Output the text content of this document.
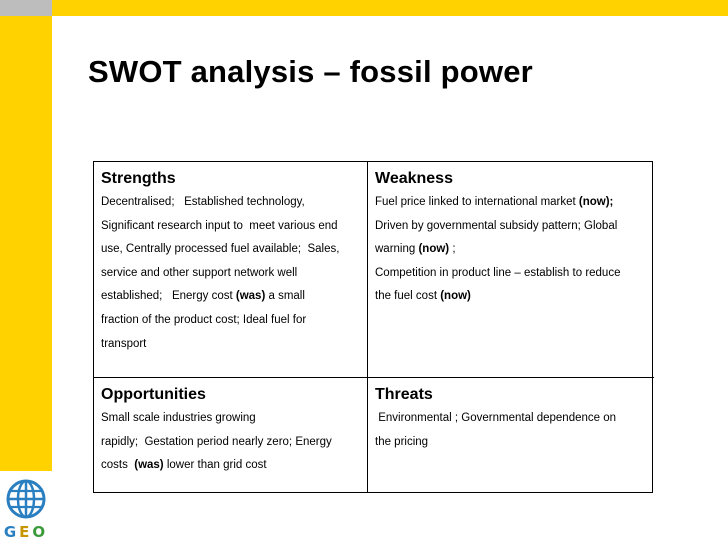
SWOT analysis – fossil power
Strengths
Decentralised;   Established technology,
Significant research input to  meet various end
use, Centrally processed fuel available;  Sales,
service and other support network well
established;   Energy cost (was) a small
fraction of the product cost; Ideal fuel for
transport
Weakness
Fuel price linked to international market (now);
Driven by governmental subsidy pattern; Global
warning (now) ;
Competition in product line – establish to reduce
the fuel cost (now)
Opportunities
Small scale industries growing
rapidly;  Gestation period nearly zero; Energy
costs  (was) lower than grid cost
Threats
Environmental ; Governmental dependence on
the pricing
GEO
